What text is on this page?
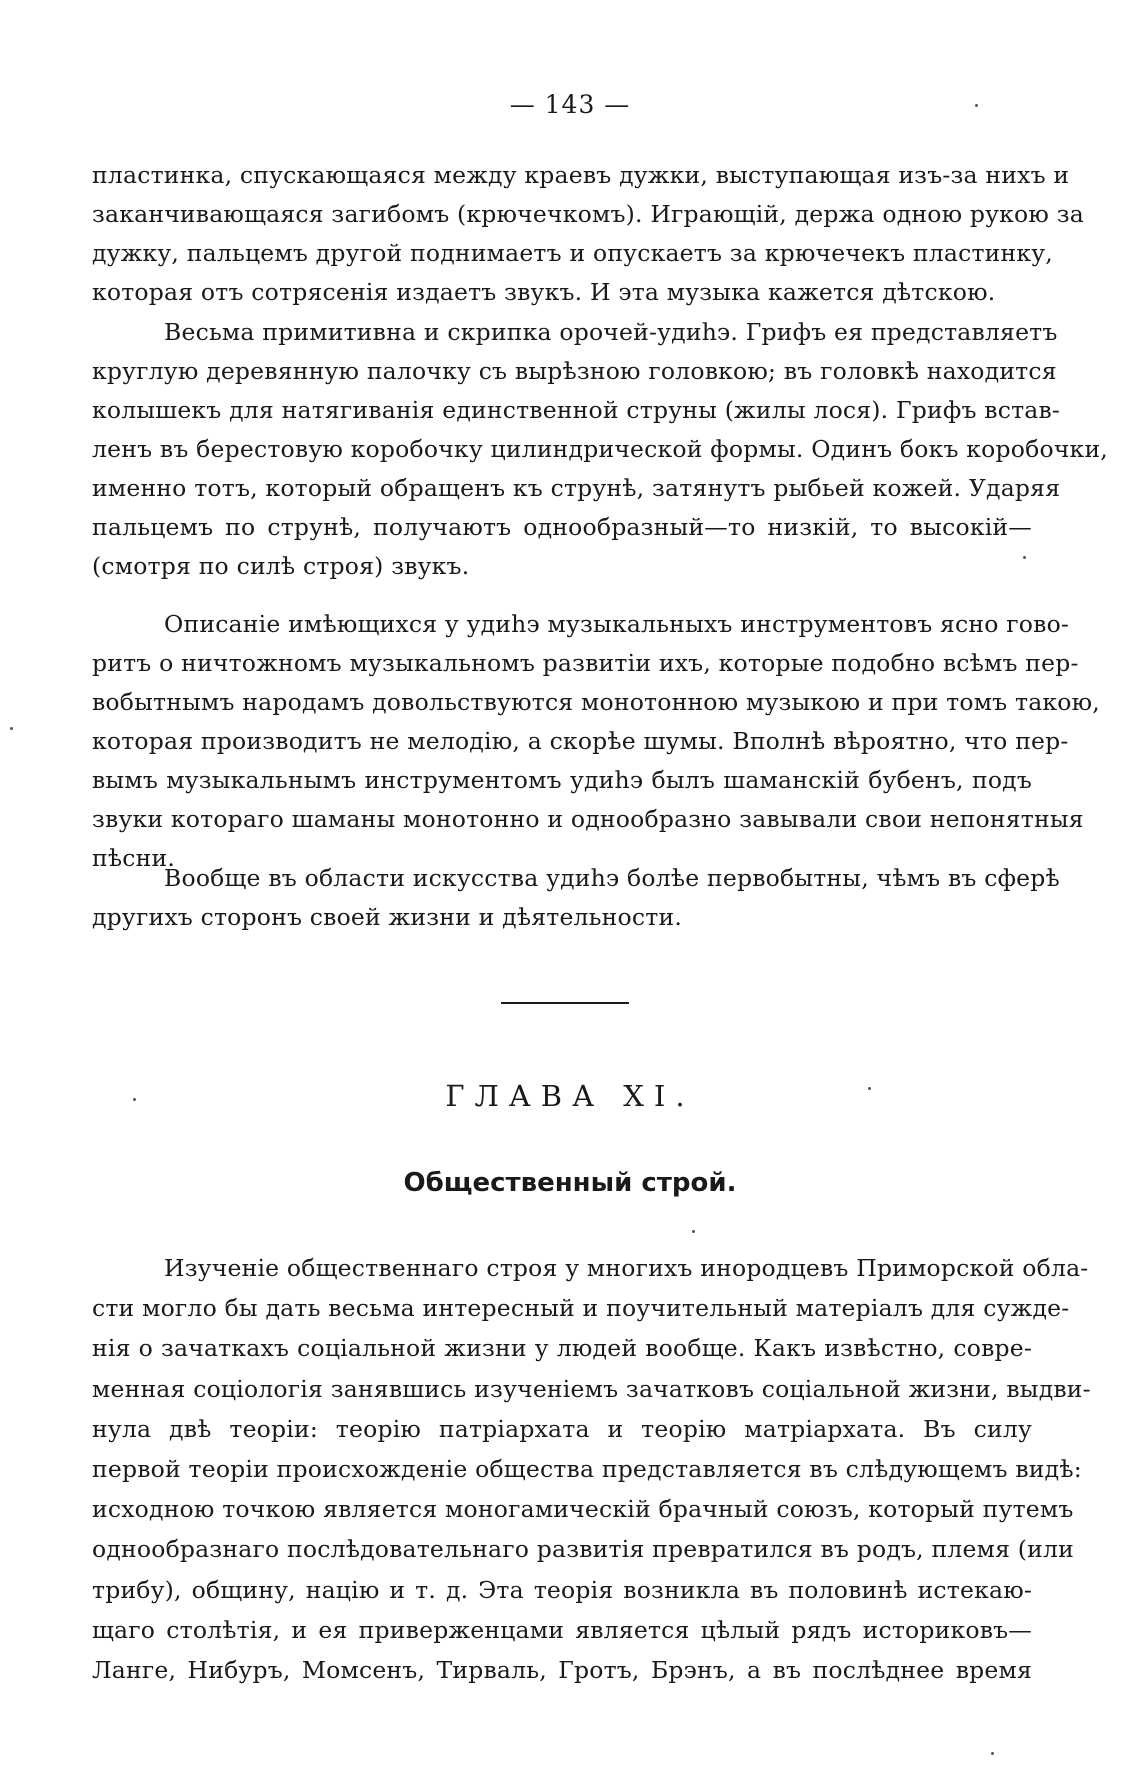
— 143 —
пластинка, спускающаяся между краевъ дужки, выступающая изъ-за нихъ и
заканчивающаяся загибомъ (крючечкомъ). Играющій, держа одною рукою за
дужку, пальцемъ другой поднимаетъ и опускаетъ за крючечекъ пластинку,
которая отъ сотрясенія издаетъ звукъ. И эта музыка кажется дѣтскою.
Весьма примитивна и скрипка орочей-удиһэ. Грифъ ея представляетъ
круглую деревянную палочку съ вырѣзною головкою; въ головкѣ находится
колышекъ для натягиванія единственной струны (жилы лося). Грифъ встав-
ленъ въ берестовую коробочку цилиндрической формы. Одинъ бокъ коробочки,
именно тотъ, который обращенъ къ струнѣ, затянутъ рыбьей кожей. Ударяя
пальцемъ по струнѣ, получаютъ однообразный—то низкій, то высокій—
(смотря по силѣ строя) звукъ.
Описаніе имѣющихся у удиһэ музыкальныхъ инструментовъ ясно гово-
ритъ о ничтожномъ музыкальномъ развитіи ихъ, которые подобно всѣмъ пер-
вобытнымъ народамъ довольствуются монотонною музыкою и при томъ такою,
которая производитъ не мелодію, а скорѣе шумы. Вполнѣ вѣроятно, что пер-
вымъ музыкальнымъ инструментомъ удиһэ былъ шаманскій бубенъ, подъ
звуки котораго шаманы монотонно и однообразно завывали свои непонятныя
пѣсни.
Вообще въ области искусства удиһэ болѣе первобытны, чѣмъ въ сферѣ
другихъ сторонъ своей жизни и дѣятельности.
ГЛАВА XI.
Общественный строй.
Изученіе общественнаго строя у многихъ инородцевъ Приморской обла-
сти могло бы дать весьма интересный и поучительный матеріалъ для сужде-
нія о зачаткахъ соціальной жизни у людей вообще. Какъ извѣстно, совре-
менная соціологія занявшись изученіемъ зачатковъ соціальной жизни, выдви-
нула двѣ теоріи: теорію патріархата и теорію матріархата. Въ силу
первой теоріи происхожденіе общества представляется въ слѣдующемъ видѣ:
исходною точкою является моногамическій брачный союзъ, который путемъ
однообразнаго послѣдовательнаго развитія превратился въ родъ, племя (или
трибу), общину, націю и т. д. Эта теорія возникла въ половинѣ истекаю-
щаго столѣтія, и ея приверженцами является цѣлый рядъ историковъ—
Ланге, Нибуръ, Момсенъ, Тирваль, Гротъ, Брэнъ, а въ послѣднее время
